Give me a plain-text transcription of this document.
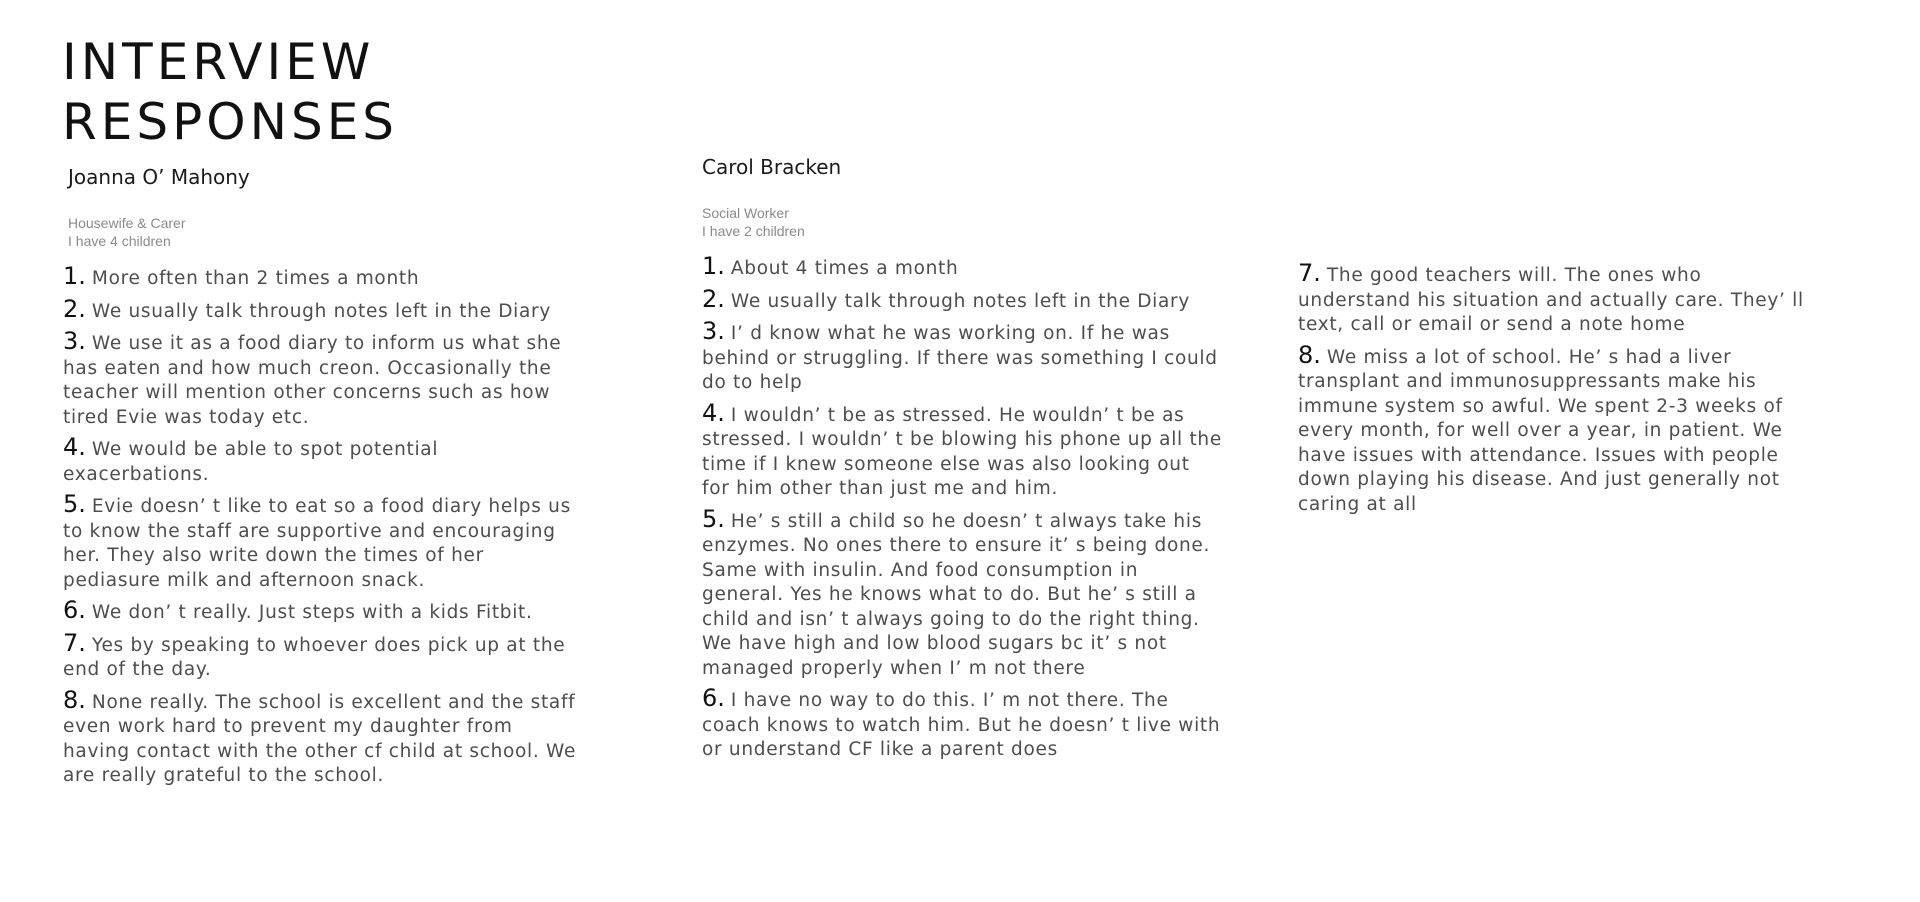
INTERVIEW
RESPONSES
Joanna O’ Mahony
Housewife & Carer
I have 4 children
1. More often than 2 times a month
2. We usually talk through notes left in the Diary
3. We use it as a food diary to inform us what she has eaten and how much creon. Occasionally the teacher will mention other concerns such as how tired Evie was today etc.
4. We would be able to spot potential exacerbations.
5. Evie doesn’ t like to eat so a food diary helps us to know the staff are supportive and encouraging her. They also write down the times of her pediasure milk and afternoon snack.
6. We don’ t really. Just steps with a kids Fitbit.
7. Yes by speaking to whoever does pick up at the end of the day.
8. None really. The school is excellent and the staff even work hard to prevent my daughter from having contact with the other cf child at school. We are really grateful to the school.
Carol Bracken
Social Worker
I have 2 children
1. About 4 times a month
2. We usually talk through notes left in the Diary
3. I’ d know what he was working on. If he was behind or struggling. If there was something I could do to help
4. I wouldn’ t be as stressed. He wouldn’ t be as stressed. I wouldn’ t be blowing his phone up all the time if I knew someone else was also looking out for him other than just me and him.
5. He’ s still a child so he doesn’ t always take his enzymes. No ones there to ensure it’ s being done. Same with insulin. And food consumption in general. Yes he knows what to do. But he’ s still a child and isn’ t always going to do the right thing. We have high and low blood sugars bc it’ s not managed properly when I’ m not there
6. I have no way to do this. I’ m not there. The coach knows to watch him. But he doesn’ t live with or understand CF like a parent does
7. The good teachers will. The ones who understand his situation and actually care. They’ ll text, call or email or send a note home
8. We miss a lot of school. He’ s had a liver transplant and immunosuppressants make his immune system so awful. We spent 2-3 weeks of every month, for well over a year, in patient. We have issues with attendance. Issues with people down playing his disease. And just generally not caring at all
